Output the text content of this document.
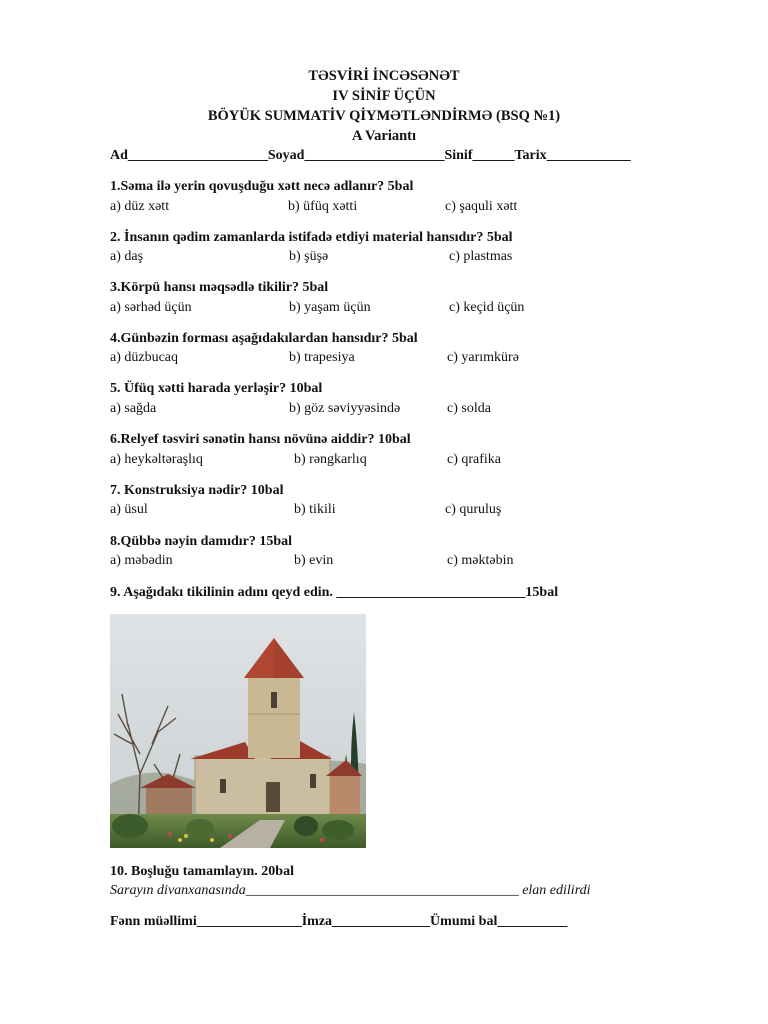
TƏSVİRİ İNCƏSƏNƏT
IV SİNİF ÜÇÜN
BÖYÜK SUMMATİV QİYMƏTLƏNDİRMƏ (BSQ №1)
A Variantı
Ad____________________Soyad____________________Sinif______Tarix____________
1.Səma ilə yerin qovuşduğu xətt necə adlanır? 5bal
a) düz xətt	b) üfüq xətti	c) şaquli xətt
2. İnsanın qədim zamanlarda istifadə etdiyi material hansıdır? 5bal
a) daş	b) şüşə	c) plastmas
3.Körpü hansı məqsədlə tikilir? 5bal
a) sərhəd üçün	b) yaşam üçün	c) keçid üçün
4.Günbəzin forması aşağıdakılardan hansıdır? 5bal
a) düzbucaq	b) trapesiya	c) yarımkürə
5. Üfüq xətti harada yerləşir? 10bal
a) sağda	b) göz səviyyəsində	c) solda
6.Relyef təsviri sənətin hansı növünə aiddir? 10bal
a) heykəltəraşlıq	b) rəngkarlıq	c) qrafika
7. Konstruksiya nədir? 10bal
a) üsul	b) tikili	c) quruluş
8.Qübbə nəyin damıdır? 15bal
a) məbədin	b) evin	c) məktəbin
9. Aşağıdakı tikilinin adını qeyd edin. ___________________________15bal
10. Boşluğu tamamlayın. 20bal
Sarayın divanxanasında_______________________________________ elan edilirdi
Fənn müəllimi_______________İmza______________Ümumi bal__________
